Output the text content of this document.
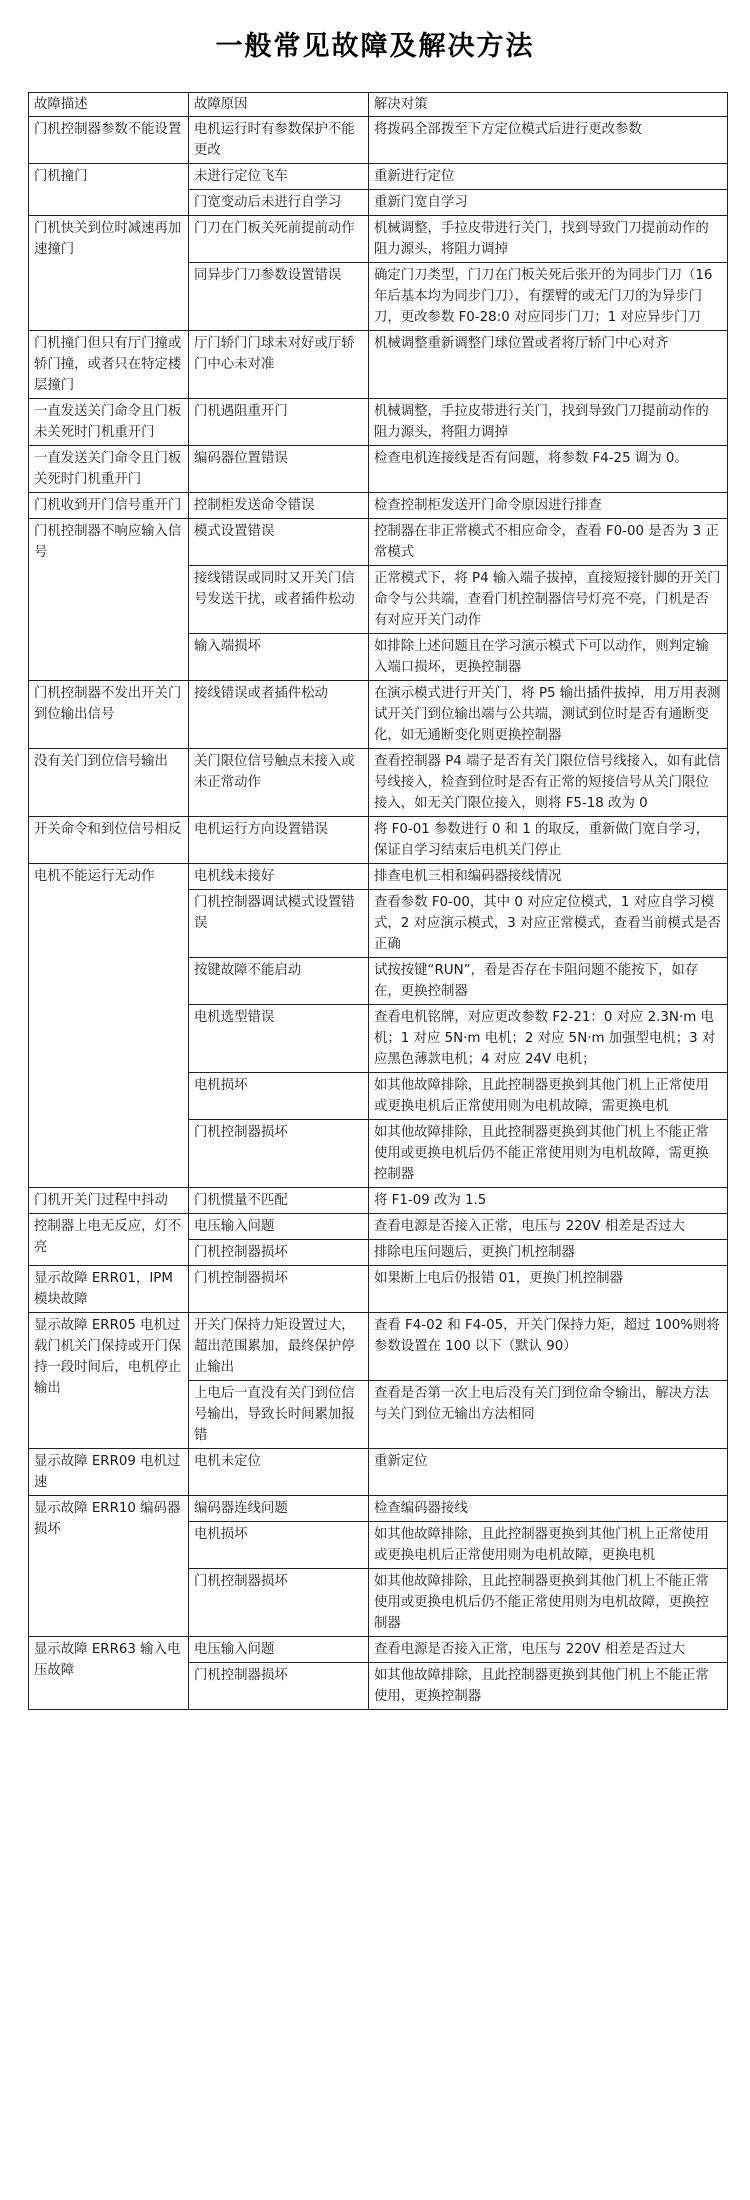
一般常见故障及解决方法
故障描述	故障原因	解决对策
门机控制器参数不能设置	电机运行时有参数保护不能更改	将拨码全部拨至下方定位模式后进行更改参数
门机撞门	未进行定位飞车	重新进行定位
	门宽变动后未进行自学习	重新门宽自学习
门机快关到位时减速再加速撞门	门刀在门板关死前提前动作	机械调整，手拉皮带进行关门，找到导致门刀提前动作的阻力源头，将阻力调掉
	同异步门刀参数设置错误	确定门刀类型，门刀在门板关死后张开的为同步门刀（16年后基本均为同步门刀），有摆臂的或无门刀的为异步门刀，更改参数 F0-28:0 对应同步门刀；1 对应异步门刀
门机撞门但只有厅门撞或轿门撞，或者只在特定楼层撞门	厅门轿门门球未对好或厅轿门中心未对准	机械调整重新调整门球位置或者将厅轿门中心对齐
一直发送关门命令且门板未关死时门机重开门	门机遇阻重开门	机械调整，手拉皮带进行关门，找到导致门刀提前动作的阻力源头，将阻力调掉
一直发送关门命令且门板关死时门机重开门	编码器位置错误	检查电机连接线是否有问题，将参数 F4-25 调为 0。
门机收到开门信号重开门	控制柜发送命令错误	检查控制柜发送开门命令原因进行排查
门机控制器不响应输入信号	模式设置错误	控制器在非正常模式不相应命令，查看 F0-00 是否为 3 正常模式
	接线错误或同时又开关门信号发送干扰，或者插件松动	正常模式下，将 P4 输入端子拔掉，直接短接针脚的开关门命令与公共端，查看门机控制器信号灯亮不亮，门机是否有对应开关门动作
	输入端损坏	如排除上述问题且在学习演示模式下可以动作，则判定输入端口损坏，更换控制器
门机控制器不发出开关门到位输出信号	接线错误或者插件松动	在演示模式进行开关门，将 P5 输出插件拔掉，用万用表测试开关门到位输出端与公共端，测试到位时是否有通断变化，如无通断变化则更换控制器
没有关门到位信号输出	关门限位信号触点未接入或未正常动作	查看控制器 P4 端子是否有关门限位信号线接入，如有此信号线接入，检查到位时是否有正常的短接信号从关门限位接入，如无关门限位接入，则将 F5-18 改为 0
开关命令和到位信号相反	电机运行方向设置错误	将 F0-01 参数进行 0 和 1 的取反，重新做门宽自学习，保证自学习结束后电机关门停止
电机不能运行无动作	电机线未接好	排查电机三相和编码器接线情况
	门机控制器调试模式设置错误	查看参数 F0-00，其中 0 对应定位模式，1 对应自学习模式，2 对应演示模式，3 对应正常模式，查看当前模式是否正确
	按键故障不能启动	试按按键“RUN”，看是否存在卡阻问题不能按下，如存在，更换控制器
	电机选型错误	查看电机铭牌，对应更改参数 F2-21：0 对应 2.3N·m 电机；1 对应 5N·m 电机；2 对应 5N·m 加强型电机；3 对应黑色薄款电机；4 对应 24V 电机；
	电机损坏	如其他故障排除，且此控制器更换到其他门机上正常使用或更换电机后正常使用则为电机故障，需更换电机
	门机控制器损坏	如其他故障排除，且此控制器更换到其他门机上不能正常使用或更换电机后仍不能正常使用则为电机故障，需更换控制器
门机开关门过程中抖动	门机惯量不匹配	将 F1-09 改为 1.5
控制器上电无反应，灯不亮	电压输入问题	查看电源是否接入正常，电压与 220V 相差是否过大
	门机控制器损坏	排除电压问题后，更换门机控制器
显示故障 ERR01，IPM 模块故障	门机控制器损坏	如果断上电后仍报错 01，更换门机控制器
显示故障 ERR05 电机过载门机关门保持或开门保持一段时间后，电机停止输出	开关门保持力矩设置过大，超出范围累加，最终保护停止输出	查看 F4-02 和 F4-05，开关门保持力矩，超过 100%则将参数设置在 100 以下（默认 90）
	上电后一直没有关门到位信号输出，导致长时间累加报错	查看是否第一次上电后没有关门到位命令输出，解决方法与关门到位无输出方法相同
显示故障 ERR09 电机过速	电机未定位	重新定位
显示故障 ERR10 编码器损坏	编码器连线问题	检查编码器接线
	电机损坏	如其他故障排除，且此控制器更换到其他门机上正常使用或更换电机后正常使用则为电机故障，更换电机
	门机控制器损坏	如其他故障排除，且此控制器更换到其他门机上不能正常使用或更换电机后仍不能正常使用则为电机故障，更换控制器
显示故障 ERR63 输入电压故障	电压输入问题	查看电源是否接入正常，电压与 220V 相差是否过大
	门机控制器损坏	如其他故障排除，且此控制器更换到其他门机上不能正常使用，更换控制器
